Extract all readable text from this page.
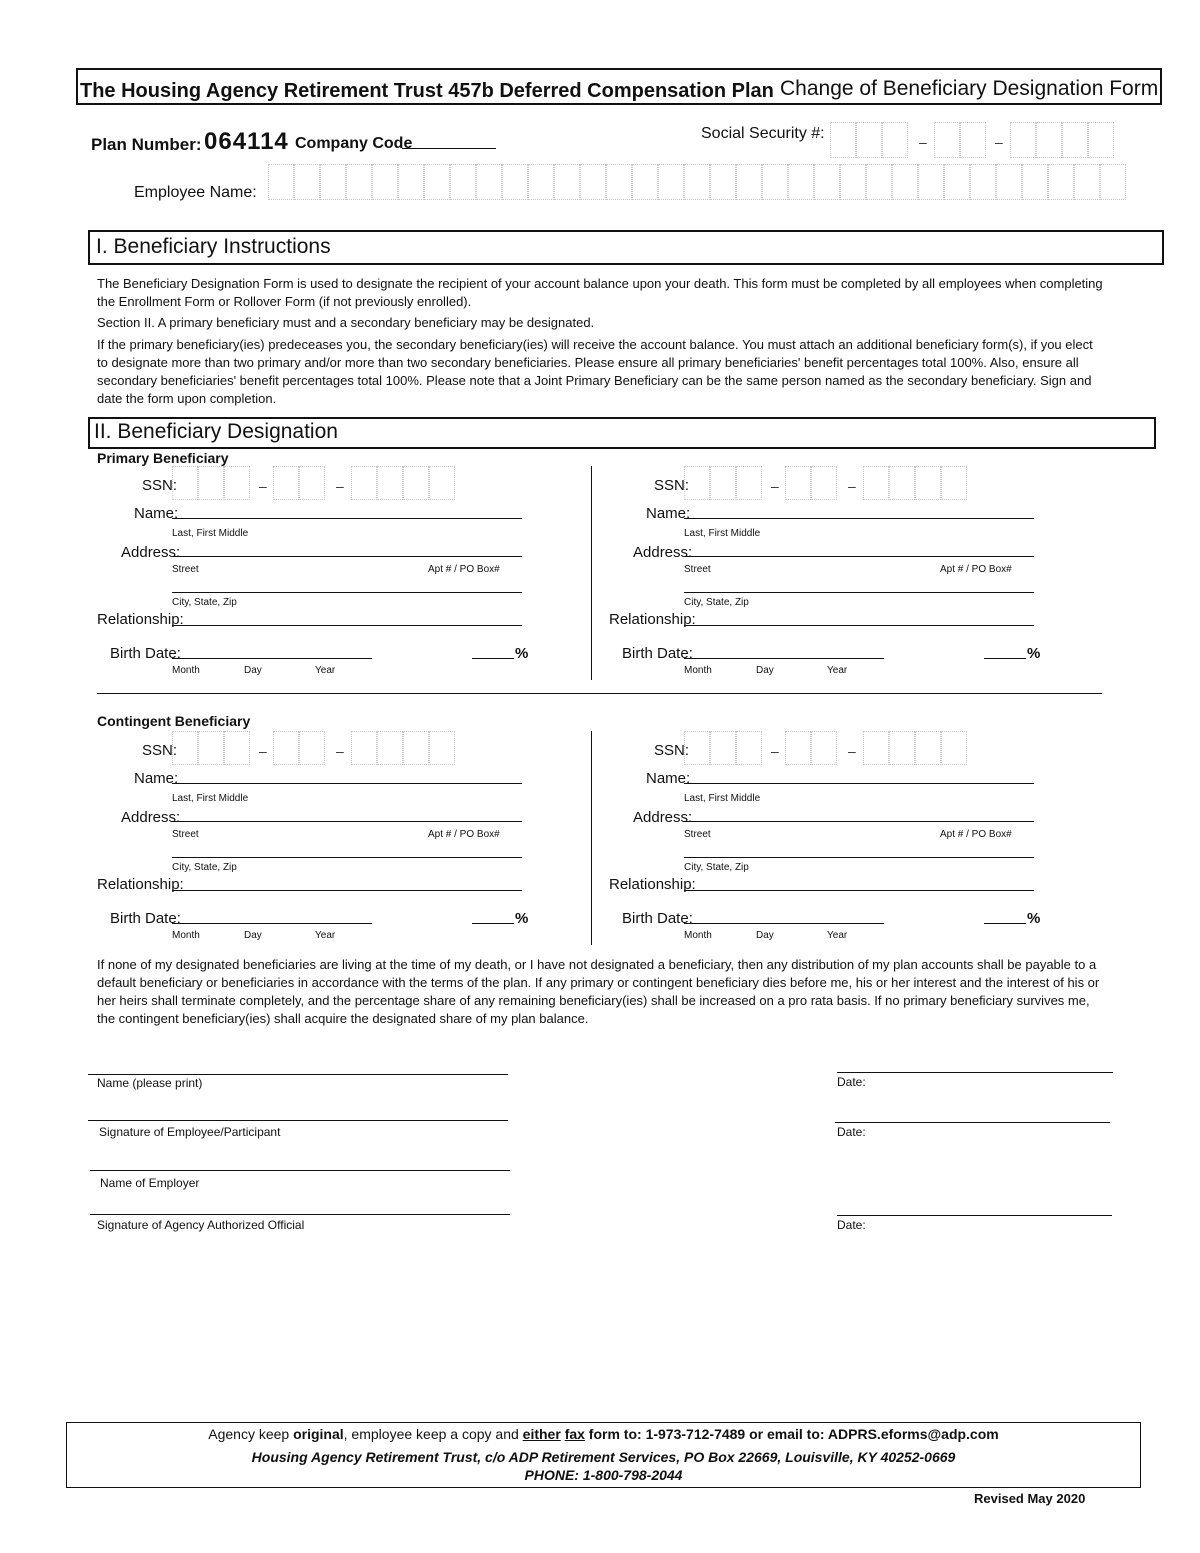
The Housing Agency Retirement Trust 457b Deferred Compensation Plan Change of Beneficiary Designation Form
Plan Number: 064114 Company Code
Social Security #:	–	–
Employee Name:
I. Beneficiary Instructions
The Beneficiary Designation Form is used to designate the recipient of your account balance upon your death. This form must be completed by all employees when completing the Enrollment Form or Rollover Form (if not previously enrolled).
Section II. A primary beneficiary must and a secondary beneficiary may be designated.
If the primary beneficiary(ies) predeceases you, the secondary beneficiary(ies) will receive the account balance. You must attach an additional beneficiary form(s), if you elect to designate more than two primary and/or more than two secondary beneficiaries. Please ensure all primary beneficiaries' benefit percentages total 100%. Also, ensure all secondary beneficiaries' benefit percentages total 100%. Please note that a Joint Primary Beneficiary can be the same person named as the secondary beneficiary. Sign and date the form upon completion.
II. Beneficiary Designation
Primary Beneficiary
Contingent Beneficiary
SSN:	–	–
Name:
Last, First Middle
Address:
Street	Apt # / PO Box#
City, State, Zip
Relationship:
Birth Date:
Month	Day	Year
%
SSN:	–	–
Name:
Last, First Middle
Address:
Street	Apt # / PO Box#
City, State, Zip
Relationship:
Birth Date:
Month	Day	Year
%
SSN:	–	–
Name:
Last, First Middle
Address:
Street	Apt # / PO Box#
City, State, Zip
Relationship:
Birth Date:
Month	Day	Year
%
SSN:	–	–
Name:
Last, First Middle
Address:
Street	Apt # / PO Box#
City, State, Zip
Relationship:
Birth Date:
Month	Day	Year
%
If none of my designated beneficiaries are living at the time of my death, or I have not designated a beneficiary, then any distribution of my plan accounts shall be payable to a default beneficiary or beneficiaries in accordance with the terms of the plan. If any primary or contingent beneficiary dies before me, his or her interest and the interest of his or her heirs shall terminate completely, and the percentage share of any remaining beneficiary(ies) shall be increased on a pro rata basis. If no primary beneficiary survives me, the contingent beneficiary(ies) shall acquire the designated share of my plan balance.
Name (please print)	Date:
Signature of Employee/Participant	Date:
Name of Employer
Signature of Agency Authorized Official	Date:
Agency keep original, employee keep a copy and either fax form to: 1-973-712-7489 or email to: ADPRS.eforms@adp.com
Housing Agency Retirement Trust, c/o ADP Retirement Services, PO Box 22669, Louisville, KY 40252-0669
PHONE: 1-800-798-2044
Revised May 2020
